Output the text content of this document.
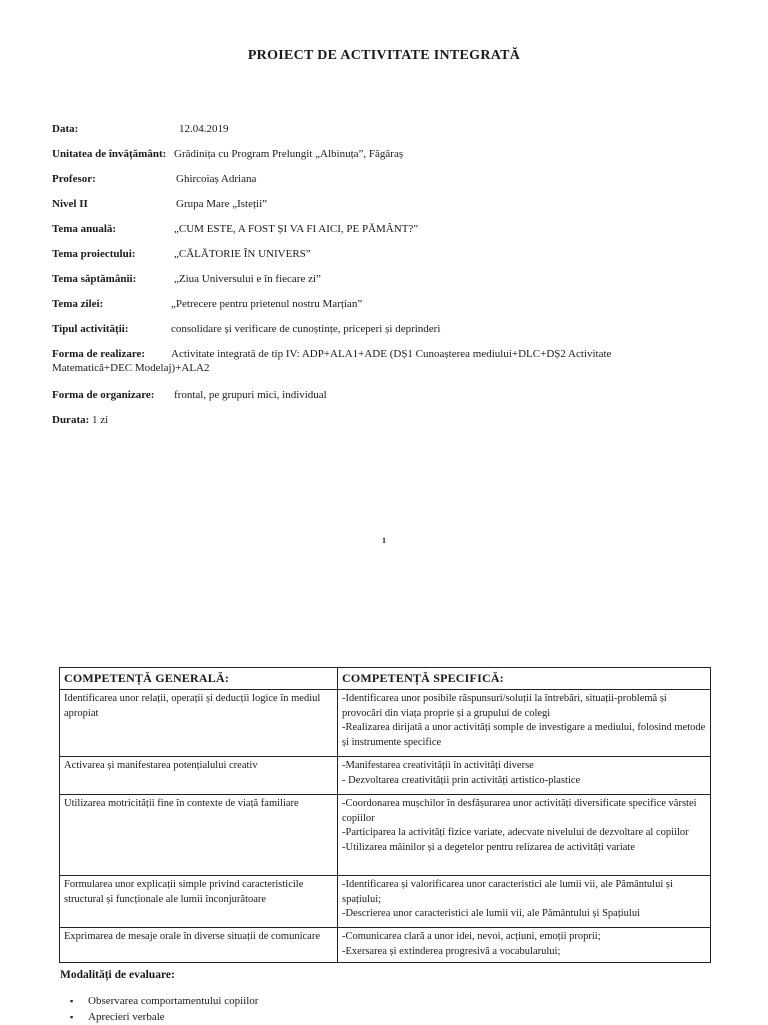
PROIECT DE ACTIVITATE INTEGRATĂ
Data:	12.04.2019
Unitatea de învățământ: Grădinița cu Program Prelungit „Albinuța”, Făgăraș
Profesor:	Ghircoiaș Adriana
Nivel II	Grupa Mare „Isteții”
Tema anuală:	„CUM ESTE, A FOST ȘI VA FI AICI, PE PĂMÂNT?”
Tema proiectului:	„CĂLĂTORIE ÎN UNIVERS”
Tema săptămânii:	„Ziua Universului e în fiecare zi”
Tema zilei:	„Petrecere pentru prietenul nostru Marțian”
Tipul activității:	consolidare și verificare de cunoștințe, priceperi și deprinderi
Forma de realizare: Activitate integrată de tip IV: ADP+ALA1+ADE (DȘ1 Cunoașterea mediului+DLC+DȘ2 Activitate
Matematică+DEC Modelaj)+ALA2
Forma de organizare: frontal, pe grupuri mici, individual
Durata: 1 zi
1
COMPETENȚĂ GENERALĂ:	COMPETENȚĂ SPECIFICĂ:
Identificarea unor relații, operații și deducții logice în mediul apropiat	-Identificarea unor posibile răspunsuri/soluții la întrebări, situații-problemă și provocări din viața proprie și a grupului de colegi
-Realizarea dirijată a unor activități somple de investigare a mediului, folosind metode și instrumente specifice

Activarea și manifestarea potențialului creativ	-Manifestarea creativității în activități diverse
- Dezvoltarea creativității prin activități artistico-plastice

Utilizarea motricității fine în contexte de viață familiare	-Coordonarea mușchilor în desfășurarea unor activități diversificate specifice vârstei copiilor
-Participarea la activități fizice variate, adecvate nivelului de dezvoltare al copiilor
-Utilizarea mâinilor și a degetelor pentru relizarea de activități variate

Formularea unor explicații simple privind caracteristicile structural și funcționale ale lumii înconjurătoare	-Identificarea și valorificarea unor caracteristici ale lumii vii, ale Pământului și spațiului;
-Descrierea unor caracteristici ale lumii vii, ale Pământului și Spațiului

Exprimarea de mesaje orale în diverse situații de comunicare	-Comunicarea clară a unor idei, nevoi, acțiuni, emoții proprii;
-Exersarea și extinderea progresivă a vocabularului;
Modalități de evaluare:
▪ Observarea comportamentului copiilor
▪ Aprecieri verbale
